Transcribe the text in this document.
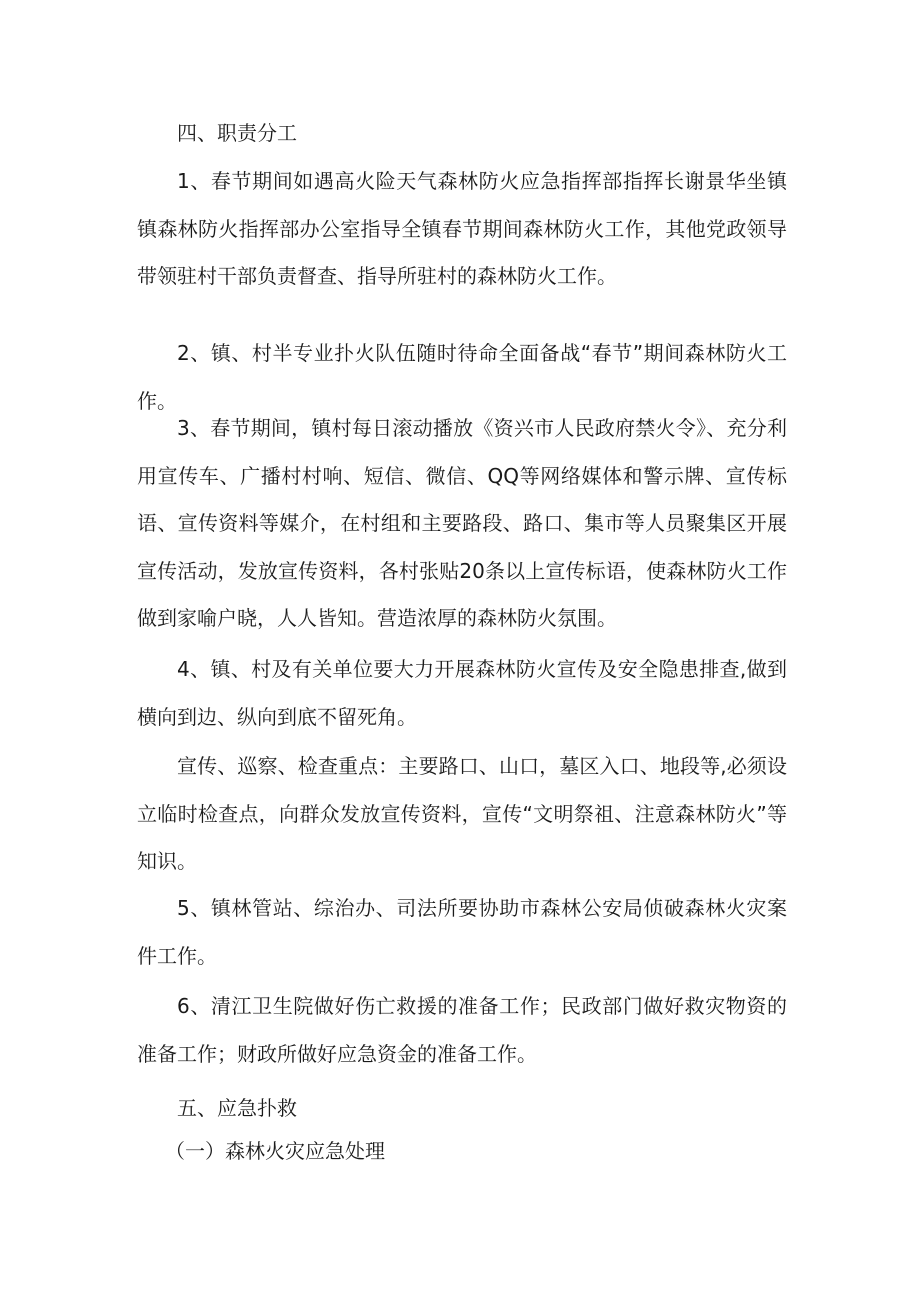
四、职责分工

1、春节期间如遇高火险天气森林防火应急指挥部指挥长谢景华坐镇镇森林防火指挥部办公室指导全镇春节期间森林防火工作，其他党政领导带领驻村干部负责督查、指导所驻村的森林防火工作。

2、镇、村半专业扑火队伍随时待命全面备战“春节”期间森林防火工作。

3、春节期间，镇村每日滚动播放《资兴市人民政府禁火令》、充分利用宣传车、广播村村响、短信、微信、QQ等网络媒体和警示牌、宣传标语、宣传资料等媒介，在村组和主要路段、路口、集市等人员聚集区开展宣传活动，发放宣传资料，各村张贴20条以上宣传标语，使森林防火工作做到家喻户晓，人人皆知。营造浓厚的森林防火氛围。

4、镇、村及有关单位要大力开展森林防火宣传及安全隐患排查,做到横向到边、纵向到底不留死角。

宣传、巡察、检查重点：主要路口、山口，墓区入口、地段等,必须设立临时检查点，向群众发放宣传资料，宣传“文明祭祖、注意森林防火”等知识。

5、镇林管站、综治办、司法所要协助市森林公安局侦破森林火灾案件工作。

6、清江卫生院做好伤亡救援的准备工作；民政部门做好救灾物资的准备工作；财政所做好应急资金的准备工作。

五、应急扑救

（一）森林火灾应急处理
